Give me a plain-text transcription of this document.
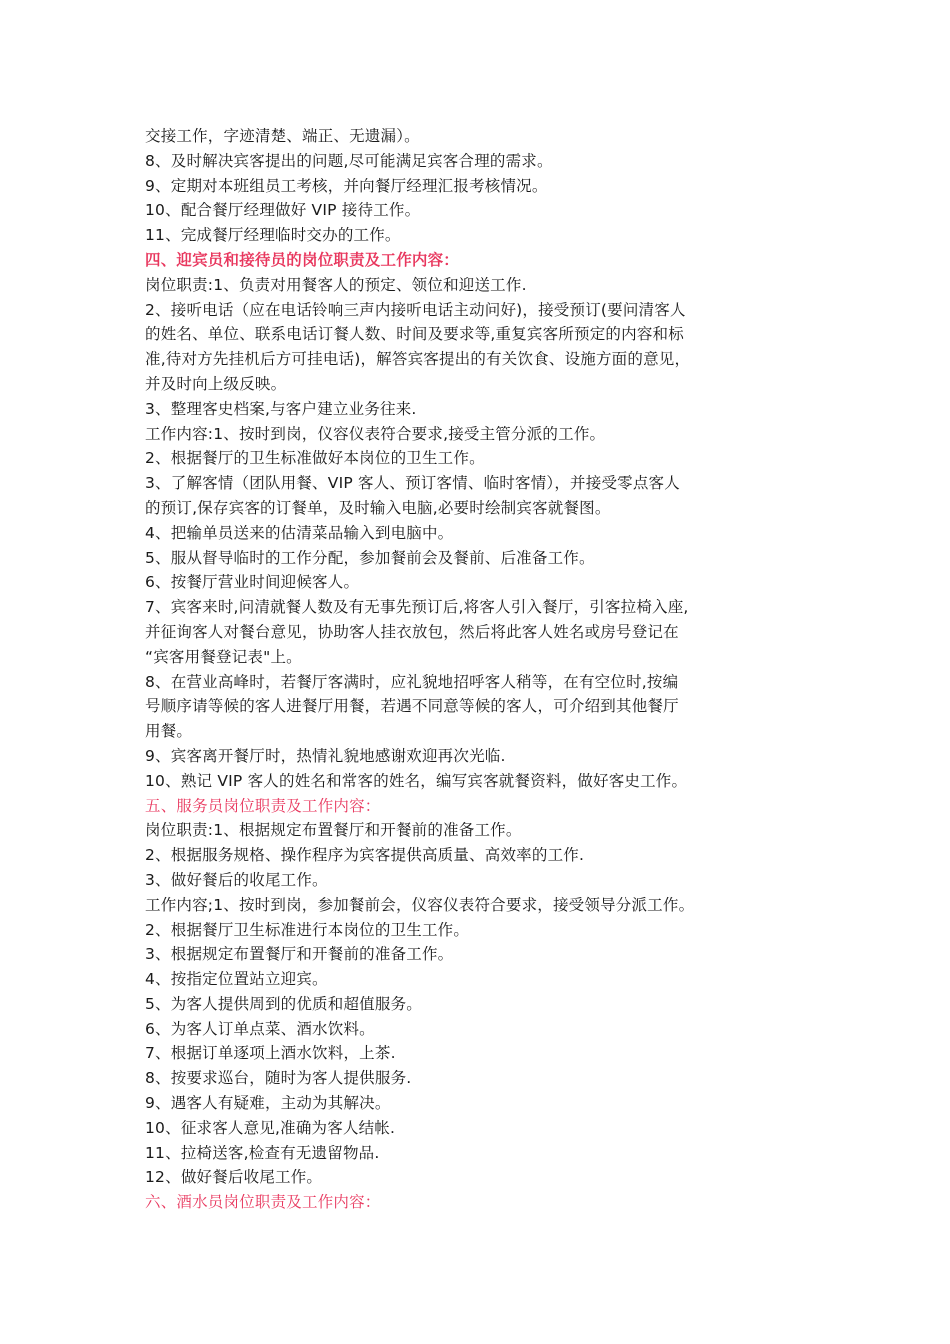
交接工作，字迹清楚、端正、无遗漏）。
8、及时解决宾客提出的问题,尽可能满足宾客合理的需求。
9、定期对本班组员工考核，并向餐厅经理汇报考核情况。
10、配合餐厅经理做好 VIP 接待工作。
11、完成餐厅经理临时交办的工作。
四、迎宾员和接待员的岗位职责及工作内容：
岗位职责:1、负责对用餐客人的预定、领位和迎送工作.
2、接听电话（应在电话铃响三声内接听电话主动问好)，接受预订(要问清客人
的姓名、单位、联系电话订餐人数、时间及要求等,重复宾客所预定的内容和标
准,待对方先挂机后方可挂电话)，解答宾客提出的有关饮食、设施方面的意见，
并及时向上级反映。
3、整理客史档案,与客户建立业务往来.
工作内容:1、按时到岗，仪容仪表符合要求,接受主管分派的工作。
2、根据餐厅的卫生标准做好本岗位的卫生工作。
3、了解客情（团队用餐、VIP 客人、预订客情、临时客情），并接受零点客人
的预订,保存宾客的订餐单，及时输入电脑,必要时绘制宾客就餐图。
4、把输单员送来的估清菜品输入到电脑中。
5、服从督导临时的工作分配，参加餐前会及餐前、后准备工作。
6、按餐厅营业时间迎候客人。
7、宾客来时,问清就餐人数及有无事先预订后,将客人引入餐厅，引客拉椅入座,
并征询客人对餐台意见，协助客人挂衣放包，然后将此客人姓名或房号登记在
“宾客用餐登记表"上。
8、在营业高峰时，若餐厅客满时，应礼貌地招呼客人稍等，在有空位时,按编
号顺序请等候的客人进餐厅用餐，若遇不同意等候的客人，可介绍到其他餐厅
用餐。
9、宾客离开餐厅时，热情礼貌地感谢欢迎再次光临.
10、熟记 VIP 客人的姓名和常客的姓名，编写宾客就餐资料，做好客史工作。
五、服务员岗位职责及工作内容：
岗位职责:1、根据规定布置餐厅和开餐前的准备工作。
2、根据服务规格、操作程序为宾客提供高质量、高效率的工作.
3、做好餐后的收尾工作。
工作内容;1、按时到岗，参加餐前会，仪容仪表符合要求，接受领导分派工作。
2、根据餐厅卫生标准进行本岗位的卫生工作。
3、根据规定布置餐厅和开餐前的准备工作。
4、按指定位置站立迎宾。
5、为客人提供周到的优质和超值服务。
6、为客人订单点菜、酒水饮料。
7、根据订单逐项上酒水饮料，上茶.
8、按要求巡台，随时为客人提供服务.
9、遇客人有疑难，主动为其解决。
10、征求客人意见,准确为客人结帐.
11、拉椅送客,检查有无遗留物品.
12、做好餐后收尾工作。
六、酒水员岗位职责及工作内容：
